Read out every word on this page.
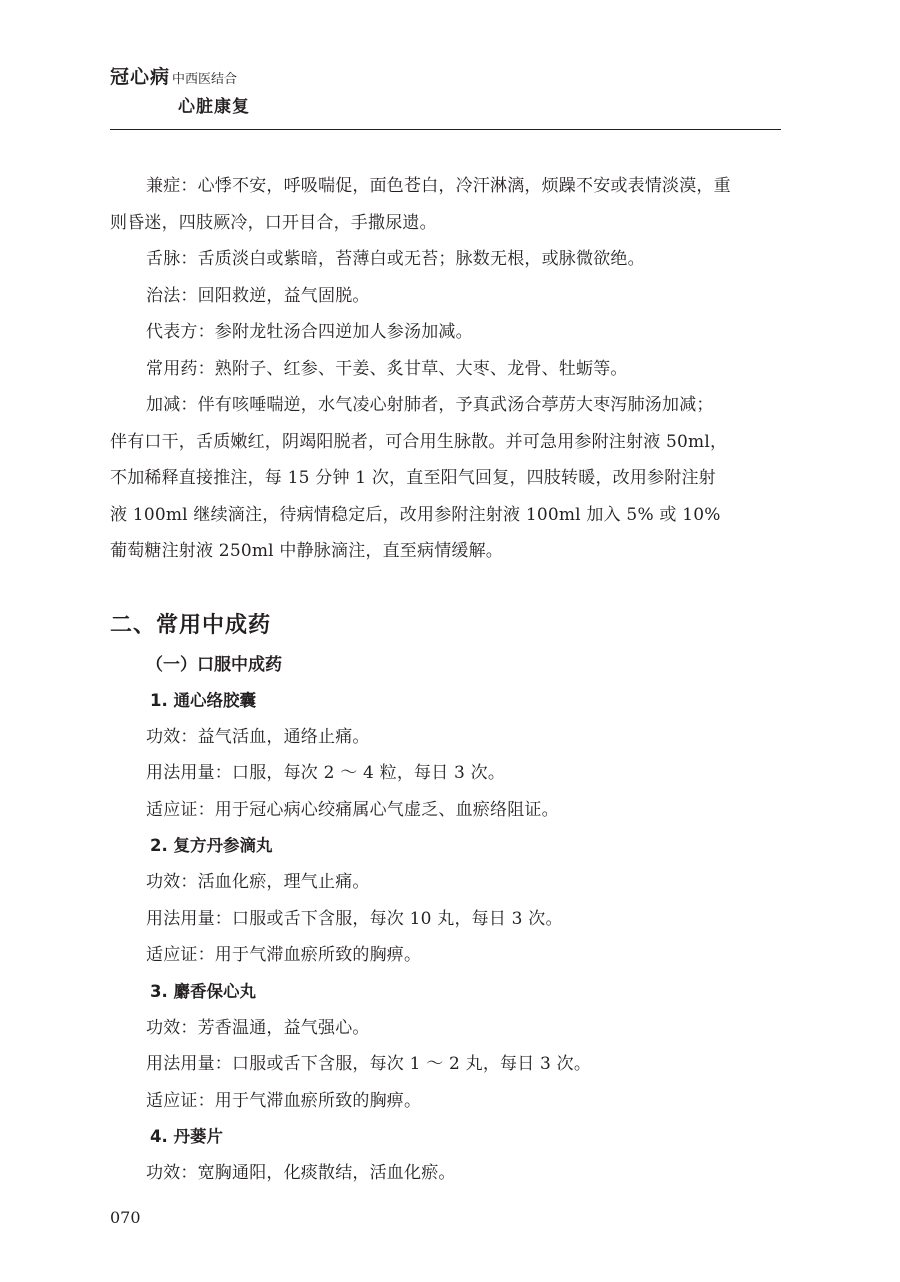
冠心病 中西医结合
心脏康复

兼症：心悸不安，呼吸喘促，面色苍白，冷汗淋漓，烦躁不安或表情淡漠，重

则昏迷，四肢厥冷，口开目合，手撒尿遗。

舌脉：舌质淡白或紫暗，苔薄白或无苔；脉数无根，或脉微欲绝。

治法：回阳救逆，益气固脱。

代表方：参附龙牡汤合四逆加人参汤加减。

常用药：熟附子、红参、干姜、炙甘草、大枣、龙骨、牡蛎等。

加减：伴有咳唾喘逆，水气凌心射肺者，予真武汤合葶苈大枣泻肺汤加减；

伴有口干，舌质嫩红，阴竭阳脱者，可合用生脉散。并可急用参附注射液 50ml，

不加稀释直接推注，每 15 分钟 1 次，直至阳气回复，四肢转暖，改用参附注射

液 100ml 继续滴注，待病情稳定后，改用参附注射液 100ml 加入 5% 或 10%

葡萄糖注射液 250ml 中静脉滴注，直至病情缓解。

二、常用中成药
（一）口服中成药
1. 通心络胶囊

功效：益气活血，通络止痛。

用法用量：口服，每次 2 ～ 4 粒，每日 3 次。

适应证：用于冠心病心绞痛属心气虚乏、血瘀络阻证。

2. 复方丹参滴丸

功效：活血化瘀，理气止痛。

用法用量：口服或舌下含服，每次 10 丸，每日 3 次。

适应证：用于气滞血瘀所致的胸痹。

3. 麝香保心丸

功效：芳香温通，益气强心。

用法用量：口服或舌下含服，每次 1 ～ 2 丸，每日 3 次。

适应证：用于气滞血瘀所致的胸痹。

4. 丹蒌片

功效：宽胸通阳，化痰散结，活血化瘀。

070
